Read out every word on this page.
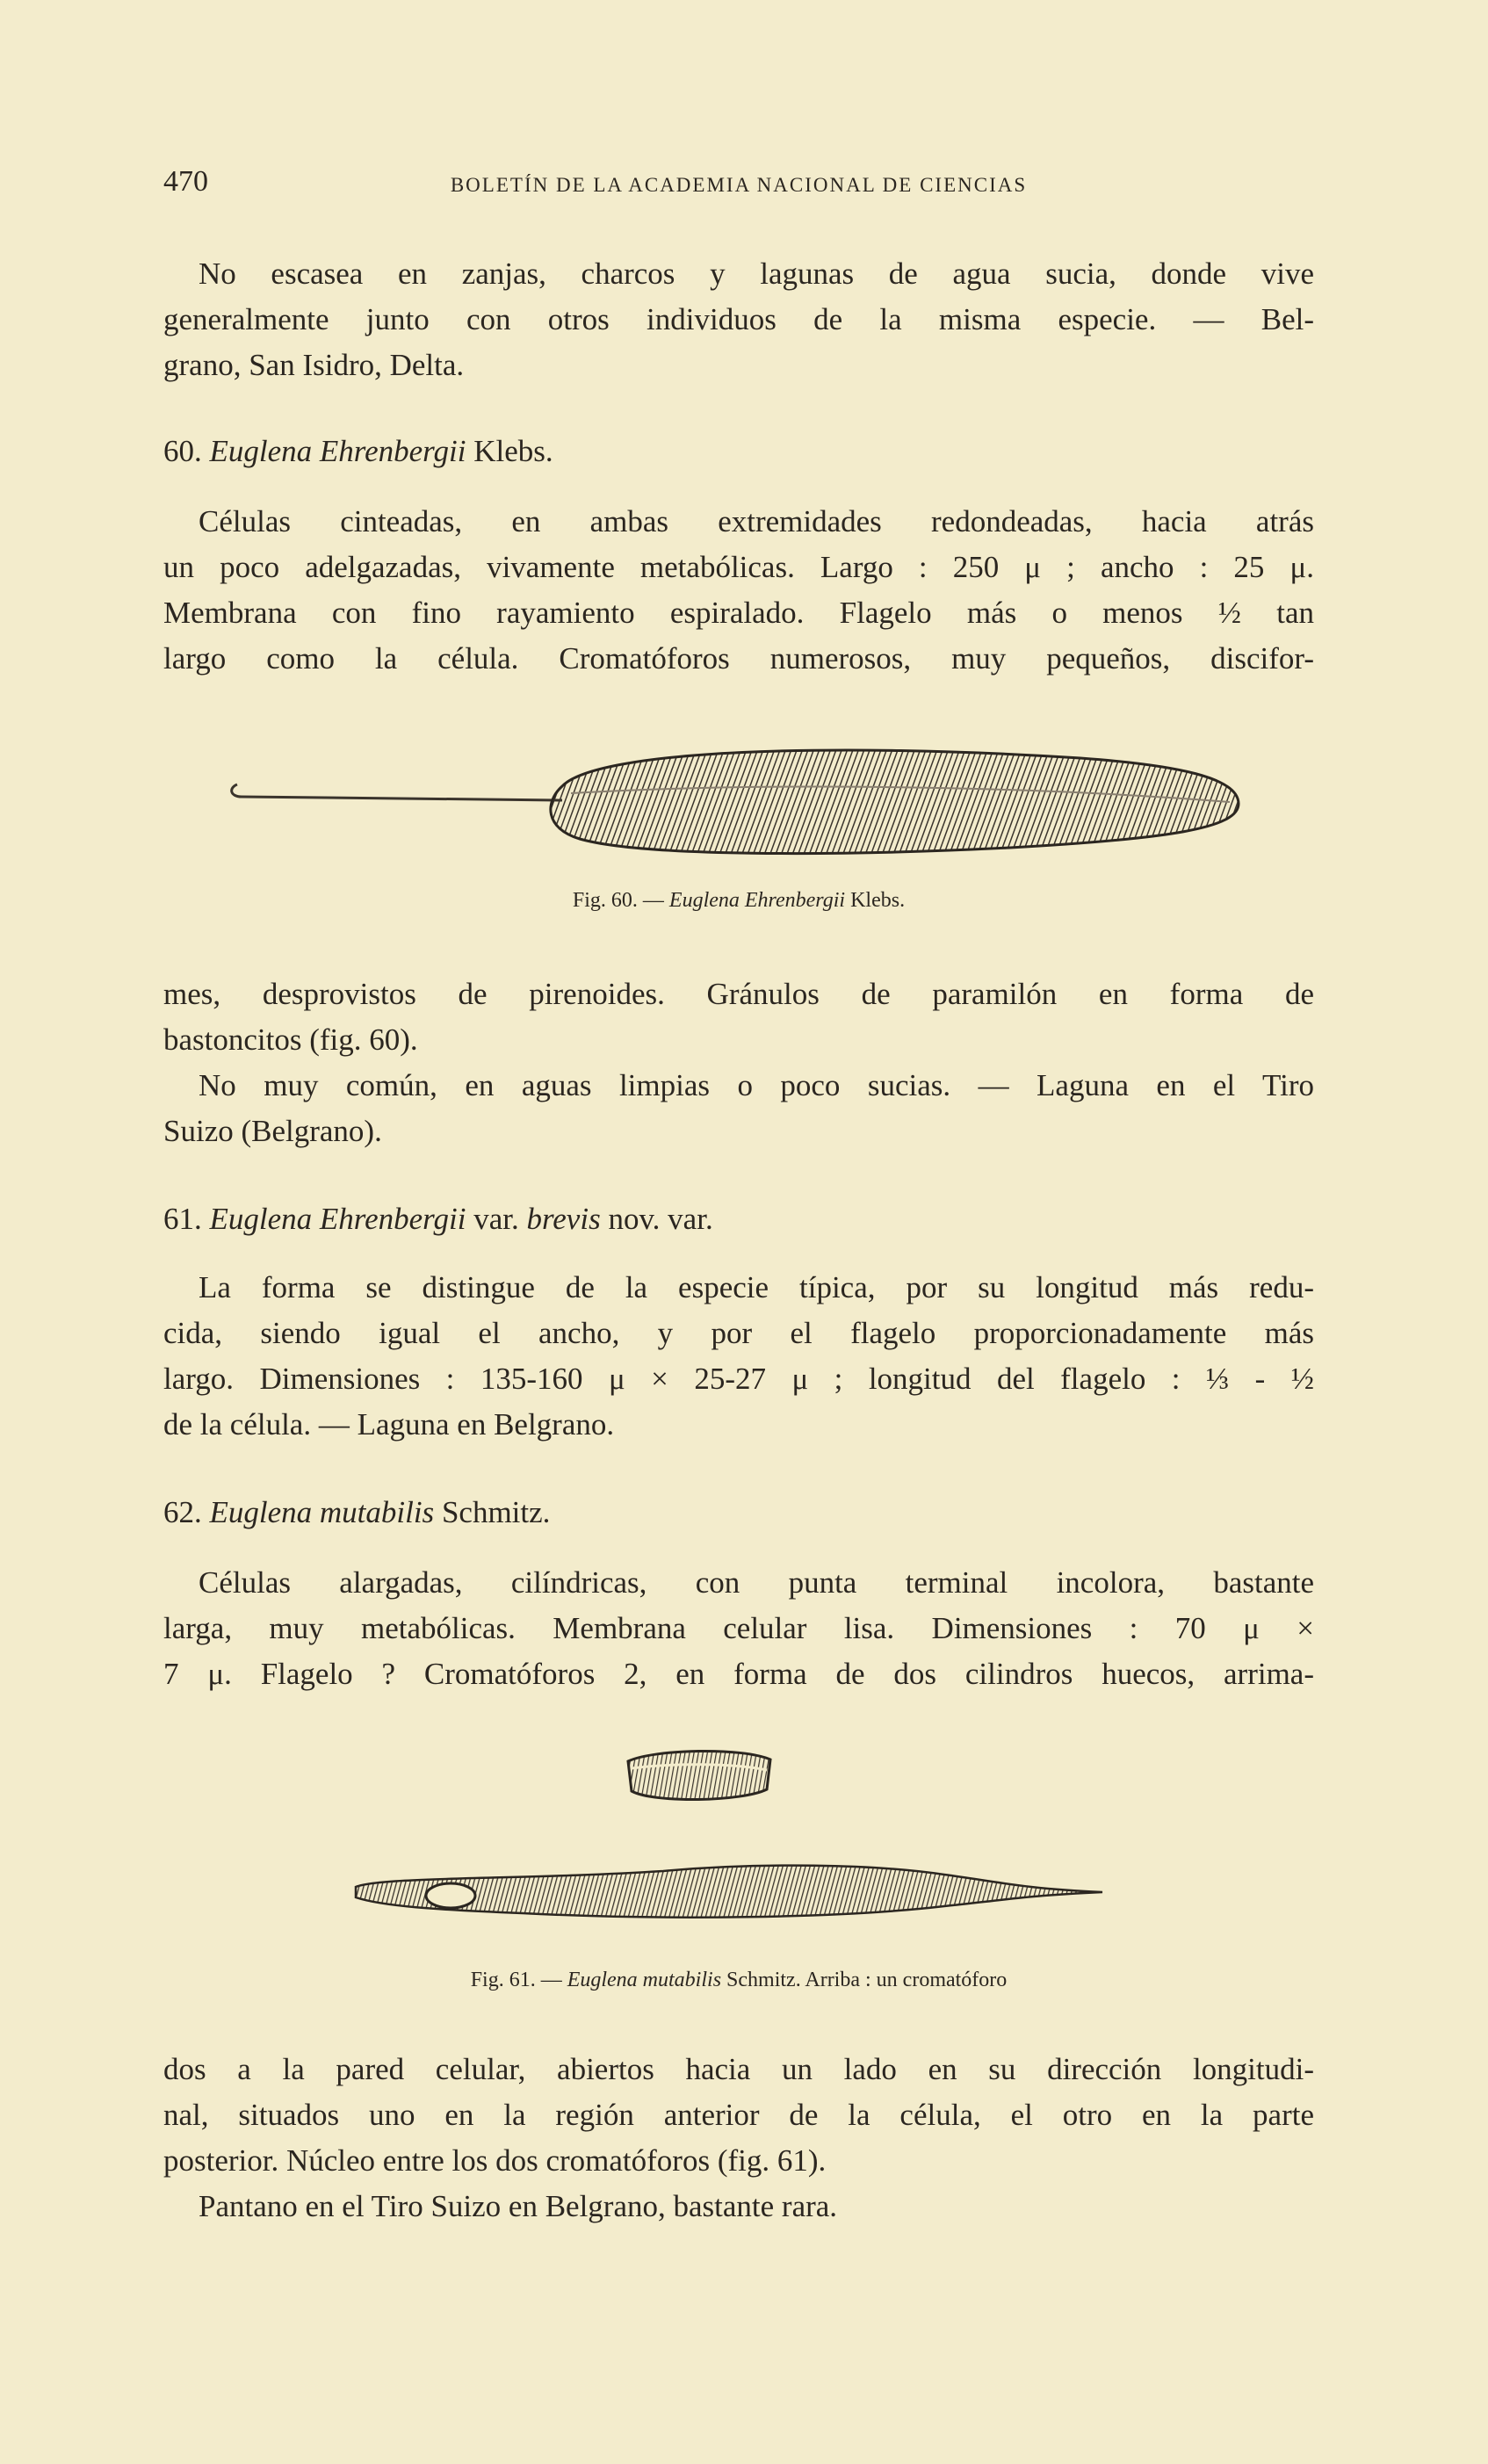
470	BOLETÍN DE LA ACADEMIA NACIONAL DE CIENCIAS
No escasea en zanjas, charcos y lagunas de agua sucia, donde vive
generalmente junto con otros individuos de la misma especie. — Bel-
grano, San Isidro, Delta.
60. Euglena Ehrenbergii Klebs.
Células cinteadas, en ambas extremidades redondeadas, hacia atrás
un poco adelgazadas, vivamente metabólicas. Largo : 250 μ ; ancho : 25 μ.
Membrana con fino rayamiento espiralado. Flagelo más o menos ½ tan
largo como la célula. Cromatóforos numerosos, muy pequeños, discifor-
Fig. 60. — Euglena Ehrenbergii Klebs.
mes, desprovistos de pirenoides. Gránulos de paramilón en forma de
bastoncitos (fig. 60).
No muy común, en aguas limpias o poco sucias. — Laguna en el Tiro
Suizo (Belgrano).
61. Euglena Ehrenbergii var. brevis nov. var.
La forma se distingue de la especie típica, por su longitud más redu-
cida, siendo igual el ancho, y por el flagelo proporcionadamente más
largo. Dimensiones : 135-160 μ × 25-27 μ ; longitud del flagelo : ⅓ - ½
de la célula. — Laguna en Belgrano.
62. Euglena mutabilis Schmitz.
Células alargadas, cilíndricas, con punta terminal incolora, bastante
larga, muy metabólicas. Membrana celular lisa. Dimensiones : 70 μ ×
7 μ. Flagelo ? Cromatóforos 2, en forma de dos cilindros huecos, arrima-
Fig. 61. — Euglena mutabilis Schmitz. Arriba : un cromatóforo
dos a la pared celular, abiertos hacia un lado en su dirección longitudi-
nal, situados uno en la región anterior de la célula, el otro en la parte
posterior. Núcleo entre los dos cromatóforos (fig. 61).
Pantano en el Tiro Suizo en Belgrano, bastante rara.
